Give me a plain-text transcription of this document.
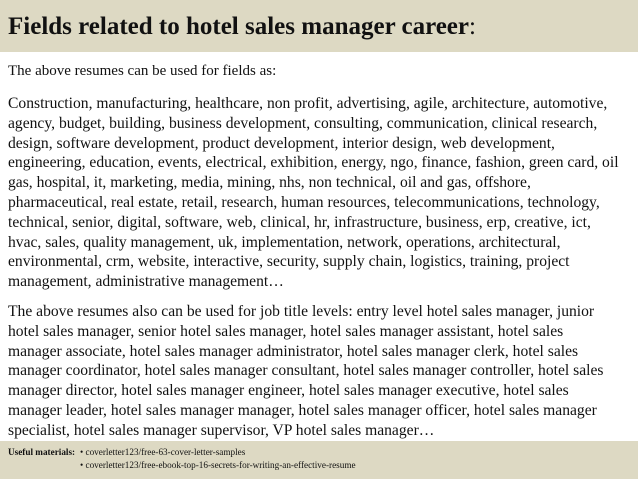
Fields related to hotel sales manager career:

The above resumes can be used for fields as:

Construction, manufacturing, healthcare, non profit, advertising, agile, architecture, automotive,
agency, budget, building, business development, consulting, communication, clinical research,
design, software development, product development, interior design, web development,
engineering, education, events, electrical, exhibition, energy, ngo, finance, fashion, green card, oil
gas, hospital, it, marketing, media, mining, nhs, non technical, oil and gas, offshore,
pharmaceutical, real estate, retail, research, human resources, telecommunications, technology,
technical, senior, digital, software, web, clinical, hr, infrastructure, business, erp, creative, ict,
hvac, sales, quality management, uk, implementation, network, operations, architectural,
environmental, crm, website, interactive, security, supply chain, logistics, training, project
management, administrative management…

The above resumes also can be used for job title levels: entry level hotel sales manager, junior
hotel sales manager, senior hotel sales manager, hotel sales manager assistant, hotel sales
manager associate, hotel sales manager administrator, hotel sales manager clerk, hotel sales
manager coordinator, hotel sales manager consultant, hotel sales manager controller, hotel sales
manager director, hotel sales manager engineer, hotel sales manager executive, hotel sales
manager leader, hotel sales manager manager, hotel sales manager officer, hotel sales manager
specialist, hotel sales manager supervisor, VP hotel sales manager…

Useful materials: • coverletter123/free-63-cover-letter-samples
• coverletter123/free-ebook-top-16-secrets-for-writing-an-effective-resume
